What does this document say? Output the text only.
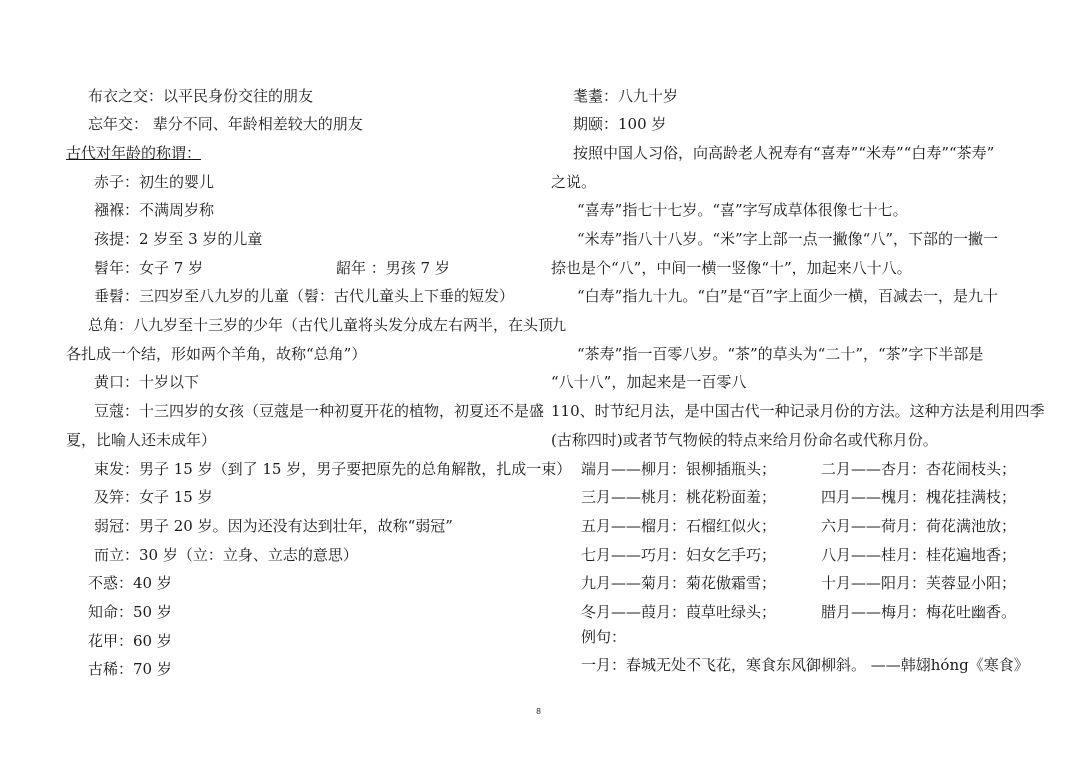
布衣之交：以平民身份交往的朋友
忘年交： 辈分不同、年龄相差较大的朋友
古代对年龄的称谓：
赤子：初生的婴儿
襁褓：不满周岁称
孩提：2 岁至 3 岁的儿童
髫年：女子 7 岁	龆年 ：男孩 7 岁
垂髫：三四岁至八九岁的儿童（髫：古代儿童头上下垂的短发）
总角：八九岁至十三岁的少年（古代儿童将头发分成左右两半，在头顶
各扎成一个结，形如两个羊角，故称“总角”）
黄口：十岁以下
豆蔻：十三四岁的女孩（豆蔻是一种初夏开花的植物，初夏还不是盛
夏，比喻人还未成年）
束发：男子 15 岁（到了 15 岁，男子要把原先的总角解散，扎成一束）
及笄：女子 15 岁
弱冠：男子 20 岁。因为还没有达到壮年，故称“弱冠”
而立：30 岁（立：立身、立志的意思）
不惑：40 岁
知命：50 岁
花甲：60 岁
古稀：70 岁
耄耋：八九十岁
期颐：100 岁
按照中国人习俗，向高龄老人祝寿有“喜寿”“米寿”“白寿”“茶寿”
之说。
“喜寿”指七十七岁。“喜”字写成草体很像七十七。
“米寿”指八十八岁。“米”字上部一点一撇像“八”，下部的一撇一
捺也是个“八”，中间一横一竖像“十”，加起来八十八。
“白寿”指九十九。“白”是“百”字上面少一横，百减去一，是九十
九
“茶寿”指一百零八岁。“茶”的草头为“二十”，“茶”字下半部是
“八十八”，加起来是一百零八
110、时节纪月法，是中国古代一种记录月份的方法。这种方法是利用四季
(古称四时)或者节气物候的特点来给月份命名或代称月份。
端月——柳月：银柳插瓶头；	二月——杏月：杏花闹枝头；
三月——桃月：桃花粉面羞；	四月——槐月：槐花挂满枝；
五月——榴月：石榴红似火；	六月——荷月：荷花满池放；
七月——巧月：妇女乞手巧；	八月——桂月：桂花遍地香；
九月——菊月：菊花傲霜雪；	十月——阳月：芙蓉显小阳；
冬月——葭月：葭草吐绿头；	腊月——梅月：梅花吐幽香。
例句：
一月：春城无处不飞花，寒食东风御柳斜。 ——韩翃hóng《寒食》
8
